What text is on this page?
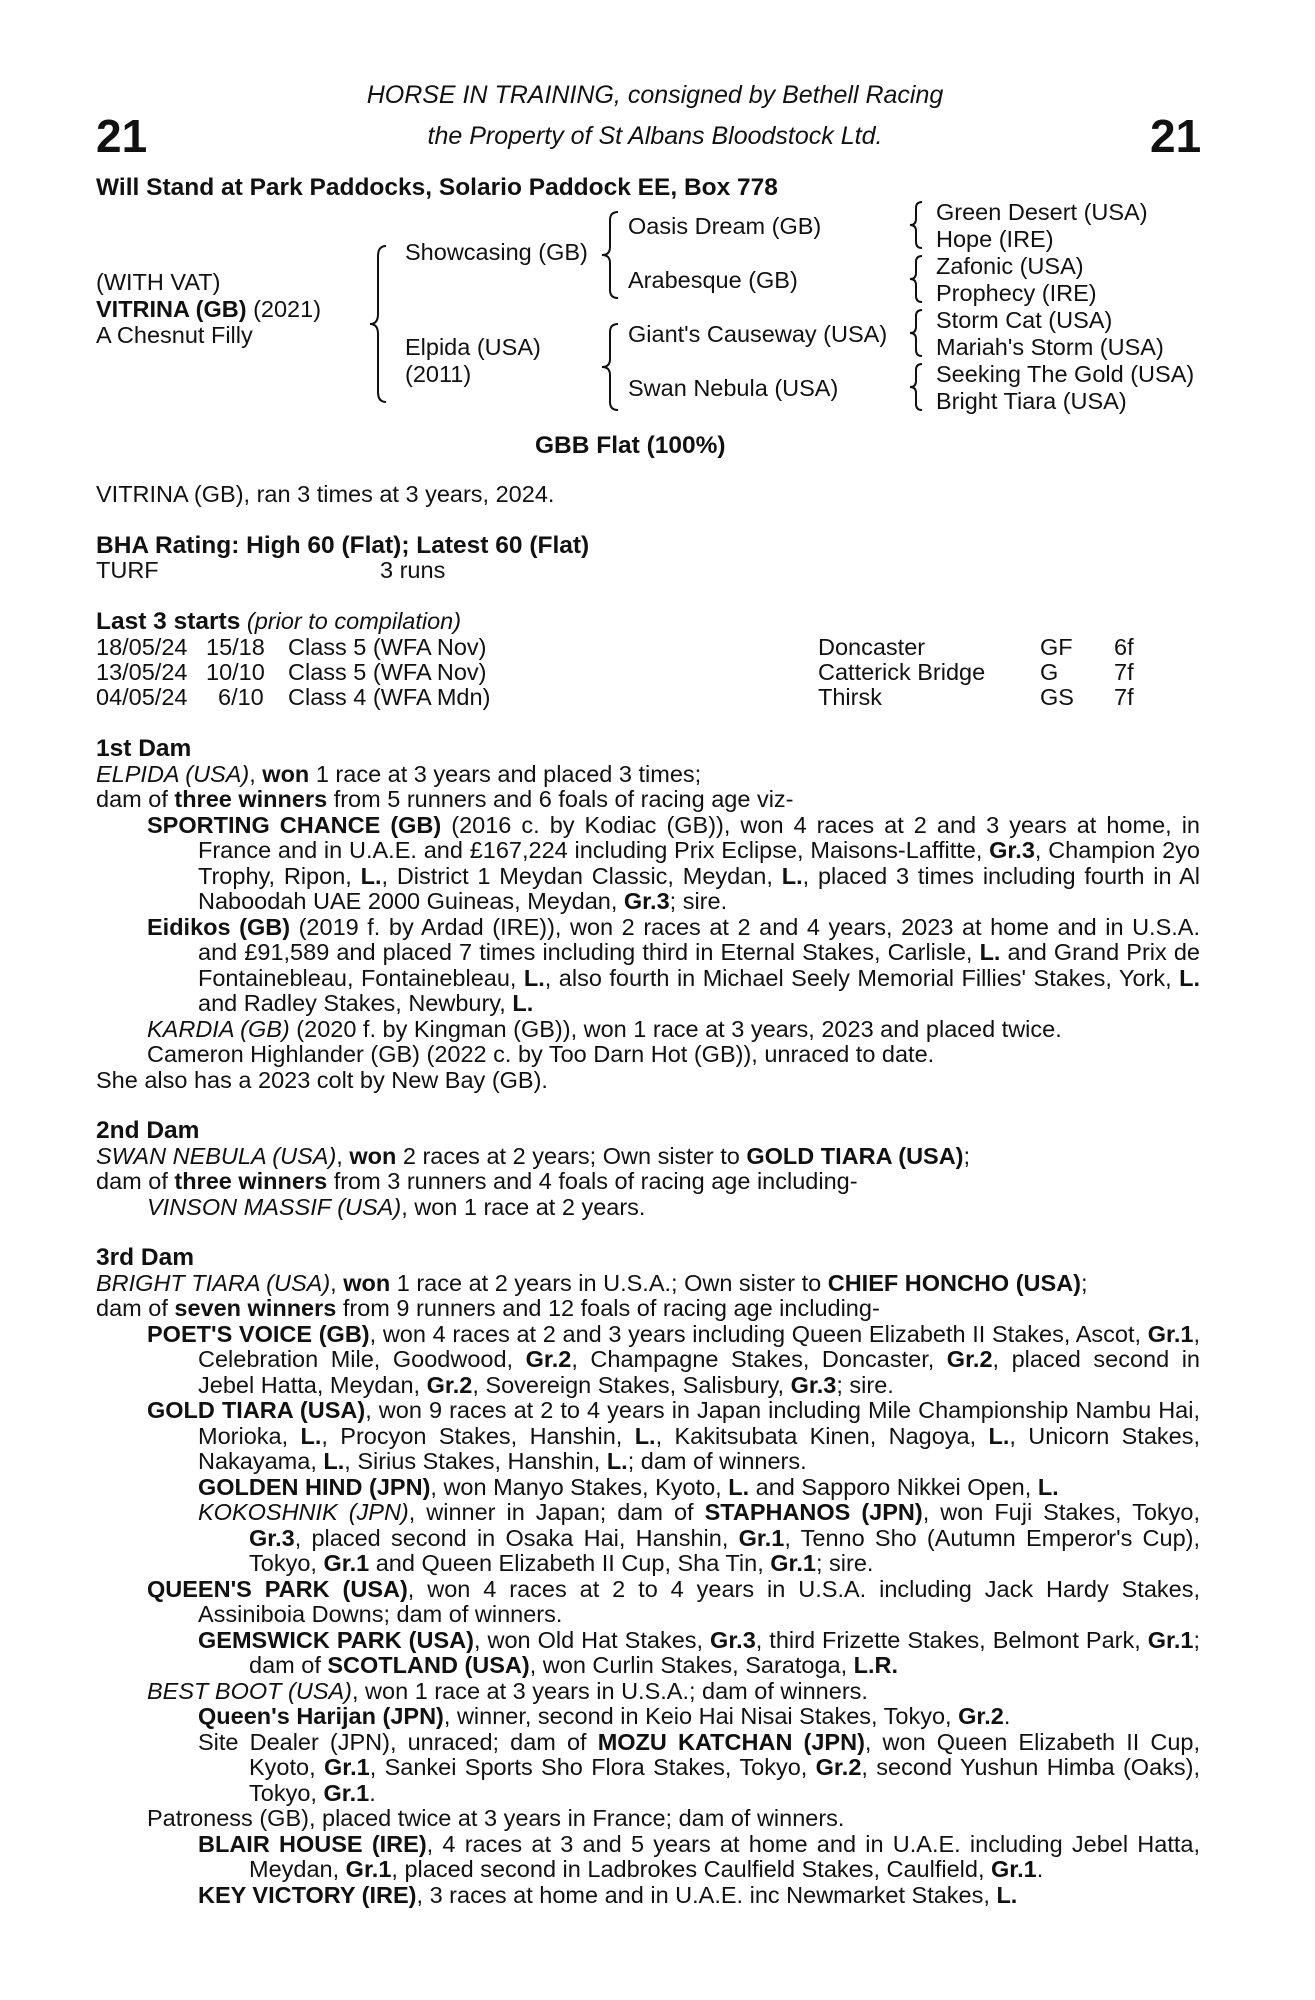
21	21
HORSE IN TRAINING, consigned by Bethell Racing
the Property of St Albans Bloodstock Ltd.
Will Stand at Park Paddocks, Solario Paddock EE, Box 778
(WITH VAT)
VITRINA (GB) (2021)
A Chesnut Filly
Showcasing (GB)
Elpida (USA)
(2011)
Oasis Dream (GB)
Arabesque (GB)
Giant's Causeway (USA)
Swan Nebula (USA)
Green Desert (USA)
Hope (IRE)
Zafonic (USA)
Prophecy (IRE)
Storm Cat (USA)
Mariah's Storm (USA)
Seeking The Gold (USA)
Bright Tiara (USA)
GBB Flat (100%)
VITRINA (GB), ran 3 times at 3 years, 2024.
BHA Rating: High 60 (Flat); Latest 60 (Flat)
TURF	3 runs
Last 3 starts (prior to compilation)
18/05/24 15/18 Class 5 (WFA Nov)	Doncaster	GF 6f
13/05/24 10/10 Class 5 (WFA Nov)	Catterick Bridge G 7f
04/05/24 6/10 Class 4 (WFA Mdn)	Thirsk	GS 7f
1st Dam
ELPIDA (USA), won 1 race at 3 years and placed 3 times;
dam of three winners from 5 runners and 6 foals of racing age viz-
SPORTING CHANCE (GB) (2016 c. by Kodiac (GB)), won 4 races at 2 and 3 years at home, in France and in U.A.E. and £167,224 including Prix Eclipse, Maisons-Laffitte, Gr.3, Champion 2yo Trophy, Ripon, L., District 1 Meydan Classic, Meydan, L., placed 3 times including fourth in Al Naboodah UAE 2000 Guineas, Meydan, Gr.3; sire.
Eidikos (GB) (2019 f. by Ardad (IRE)), won 2 races at 2 and 4 years, 2023 at home and in U.S.A. and £91,589 and placed 7 times including third in Eternal Stakes, Carlisle, L. and Grand Prix de Fontainebleau, Fontainebleau, L., also fourth in Michael Seely Memorial Fillies' Stakes, York, L. and Radley Stakes, Newbury, L.
KARDIA (GB) (2020 f. by Kingman (GB)), won 1 race at 3 years, 2023 and placed twice.
Cameron Highlander (GB) (2022 c. by Too Darn Hot (GB)), unraced to date.
She also has a 2023 colt by New Bay (GB).
2nd Dam
SWAN NEBULA (USA), won 2 races at 2 years; Own sister to GOLD TIARA (USA);
dam of three winners from 3 runners and 4 foals of racing age including-
VINSON MASSIF (USA), won 1 race at 2 years.
3rd Dam
BRIGHT TIARA (USA), won 1 race at 2 years in U.S.A.; Own sister to CHIEF HONCHO (USA);
dam of seven winners from 9 runners and 12 foals of racing age including-
POET'S VOICE (GB), won 4 races at 2 and 3 years including Queen Elizabeth II Stakes, Ascot, Gr.1, Celebration Mile, Goodwood, Gr.2, Champagne Stakes, Doncaster, Gr.2, placed second in Jebel Hatta, Meydan, Gr.2, Sovereign Stakes, Salisbury, Gr.3; sire.
GOLD TIARA (USA), won 9 races at 2 to 4 years in Japan including Mile Championship Nambu Hai, Morioka, L., Procyon Stakes, Hanshin, L., Kakitsubata Kinen, Nagoya, L., Unicorn Stakes, Nakayama, L., Sirius Stakes, Hanshin, L.; dam of winners.
GOLDEN HIND (JPN), won Manyo Stakes, Kyoto, L. and Sapporo Nikkei Open, L.
KOKOSHNIK (JPN), winner in Japan; dam of STAPHANOS (JPN), won Fuji Stakes, Tokyo, Gr.3, placed second in Osaka Hai, Hanshin, Gr.1, Tenno Sho (Autumn Emperor's Cup), Tokyo, Gr.1 and Queen Elizabeth II Cup, Sha Tin, Gr.1; sire.
QUEEN'S PARK (USA), won 4 races at 2 to 4 years in U.S.A. including Jack Hardy Stakes, Assiniboia Downs; dam of winners.
GEMSWICK PARK (USA), won Old Hat Stakes, Gr.3, third Frizette Stakes, Belmont Park, Gr.1; dam of SCOTLAND (USA), won Curlin Stakes, Saratoga, L.R.
BEST BOOT (USA), won 1 race at 3 years in U.S.A.; dam of winners.
Queen's Harijan (JPN), winner, second in Keio Hai Nisai Stakes, Tokyo, Gr.2.
Site Dealer (JPN), unraced; dam of MOZU KATCHAN (JPN), won Queen Elizabeth II Cup, Kyoto, Gr.1, Sankei Sports Sho Flora Stakes, Tokyo, Gr.2, second Yushun Himba (Oaks), Tokyo, Gr.1.
Patroness (GB), placed twice at 3 years in France; dam of winners.
BLAIR HOUSE (IRE), 4 races at 3 and 5 years at home and in U.A.E. including Jebel Hatta, Meydan, Gr.1, placed second in Ladbrokes Caulfield Stakes, Caulfield, Gr.1.
KEY VICTORY (IRE), 3 races at home and in U.A.E. inc Newmarket Stakes, L.
